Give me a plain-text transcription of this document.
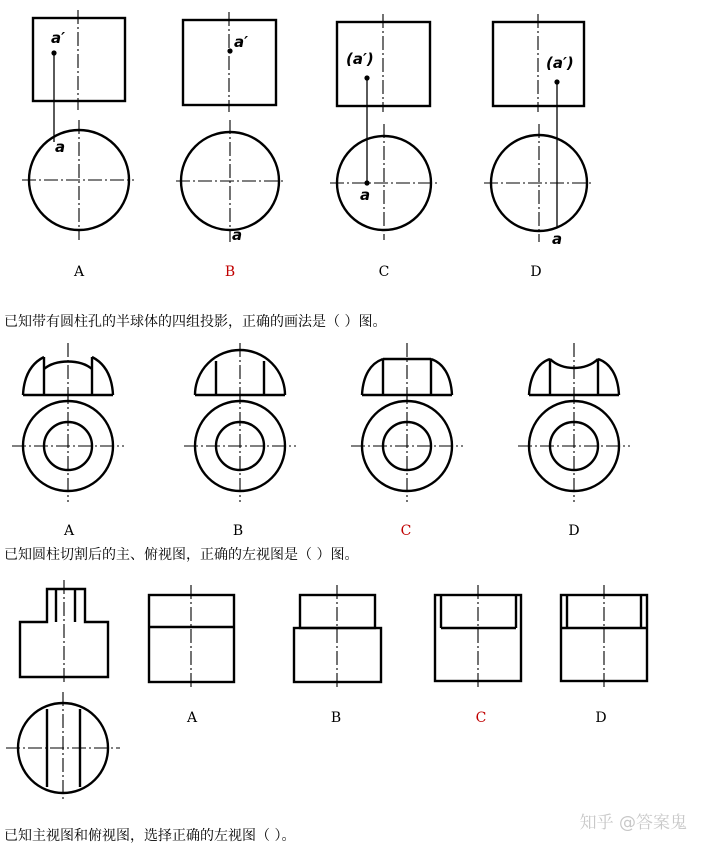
a′
a
a′
a
(a′)
a
(a′)
a
A	B	C	D
已知带有圆柱孔的半球体的四组投影，正确的画法是（ ）图。
A	B	C	D
已知圆柱切割后的主、俯视图，正确的左视图是（ ）图。
A	B	C	D
已知主视图和俯视图，选择正确的左视图（ ）。
知乎 @答案鬼
